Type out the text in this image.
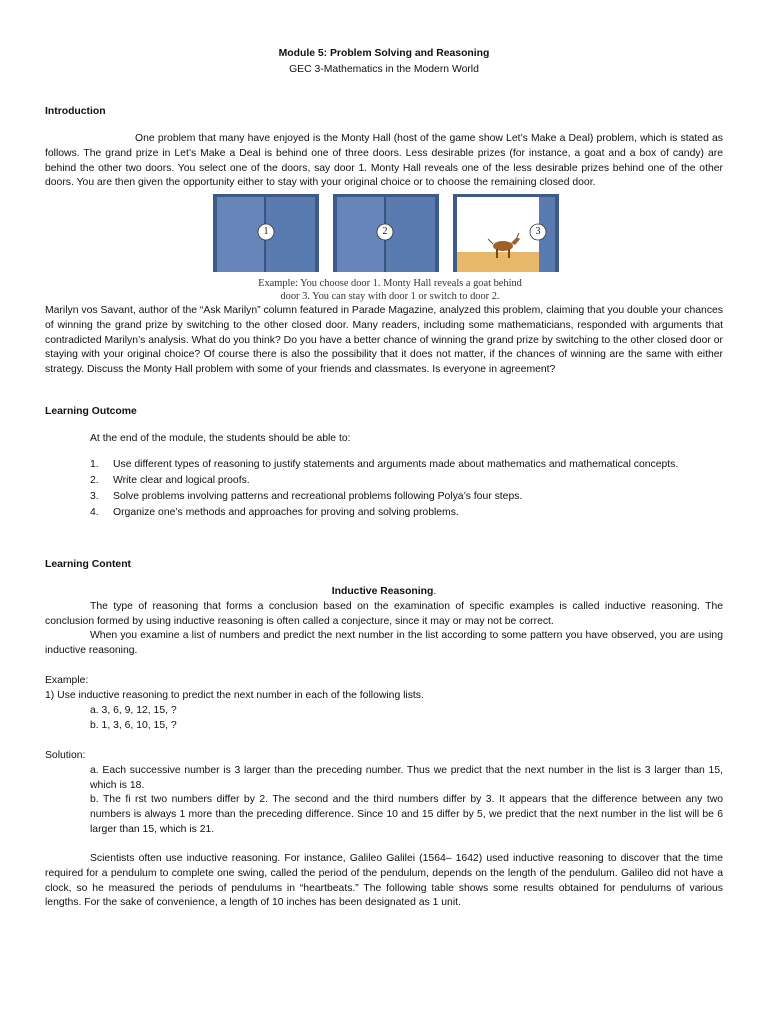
Module 5: Problem Solving and Reasoning
GEC 3-Mathematics in the Modern World
Introduction
One problem that many have enjoyed is the Monty Hall (host of the game show Let’s Make a Deal) problem, which is stated as follows. The grand prize in Let’s Make a Deal is behind one of three doors. Less desirable prizes (for instance, a goat and a box of candy) are behind the other two doors. You select one of the doors, say door 1. Monty Hall reveals one of the less desirable prizes behind one of the other doors. You are then given the opportunity either to stay with your original choice or to choose the remaining closed door.
1	2	3
Example: You choose door 1. Monty Hall reveals a goat behind
door 3. You can stay with door 1 or switch to door 2.
Marilyn vos Savant, author of the “Ask Marilyn” column featured in Parade Magazine, analyzed this problem, claiming that you double your chances of winning the grand prize by switching to the other closed door. Many readers, including some mathematicians, responded with arguments that contradicted Marilyn’s analysis. What do you think? Do you have a better chance of winning the grand prize by switching to the other closed door or staying with your original choice? Of course there is also the possibility that it does not matter, if the chances of winning are the same with either strategy. Discuss the Monty Hall problem with some of your friends and classmates. Is everyone in agreement?
Learning Outcome
At the end of the module, the students should be able to:
1. Use different types of reasoning to justify statements and arguments made about mathematics and mathematical concepts.
2. Write clear and logical proofs.
3. Solve problems involving patterns and recreational problems following Polya’s four steps.
4. Organize one’s methods and approaches for proving and solving problems.
Learning Content
Inductive Reasoning.
The type of reasoning that forms a conclusion based on the examination of specific examples is called inductive reasoning. The conclusion formed by using inductive reasoning is often called a conjecture, since it may or may not be correct.
When you examine a list of numbers and predict the next number in the list according to some pattern you have observed, you are using inductive reasoning.
Example:
1) Use inductive reasoning to predict the next number in each of the following lists.
a. 3, 6, 9, 12, 15, ?
b. 1, 3, 6, 10, 15, ?
Solution:
a. Each successive number is 3 larger than the preceding number. Thus we predict that the next number in the list is 3 larger than 15, which is 18.
b. The fi rst two numbers differ by 2. The second and the third numbers differ by 3. It appears that the difference between any two numbers is always 1 more than the preceding difference. Since 10 and 15 differ by 5, we predict that the next number in the list will be 6 larger than 15, which is 21.
Scientists often use inductive reasoning. For instance, Galileo Galilei (1564– 1642) used inductive reasoning to discover that the time required for a pendulum to complete one swing, called the period of the pendulum, depends on the length of the pendulum. Galileo did not have a clock, so he measured the periods of pendulums in “heartbeats.” The following table shows some results obtained for pendulums of various lengths. For the sake of convenience, a length of 10 inches has been designated as 1 unit.
